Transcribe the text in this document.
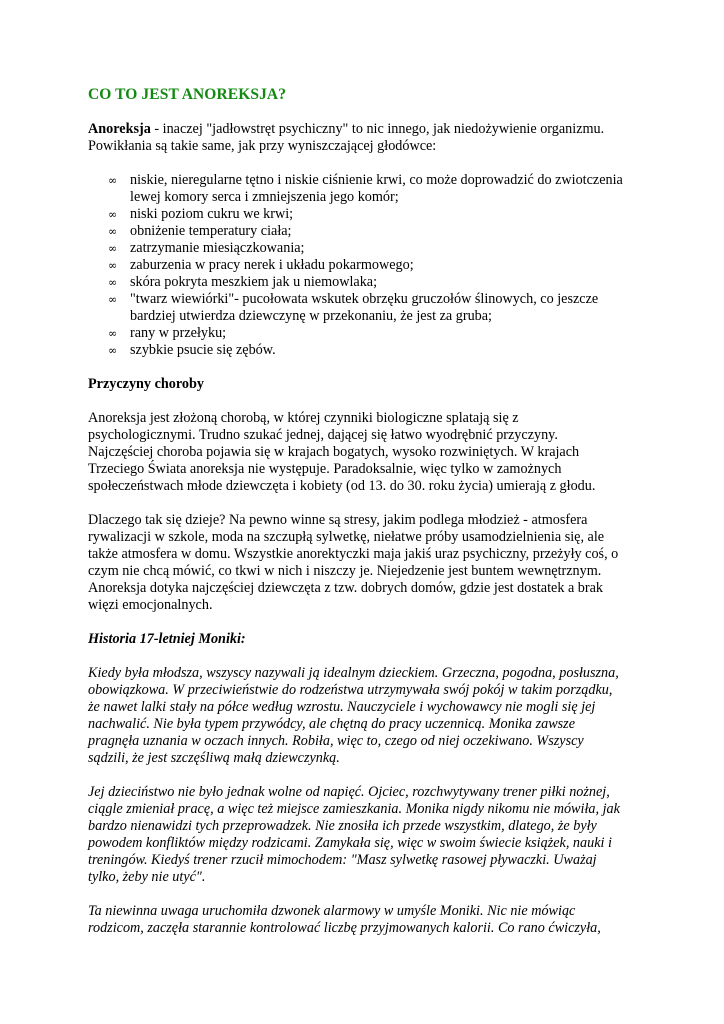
CO TO JEST ANOREKSJA?
Anoreksja - inaczej "jadłowstręt psychiczny" to nic innego, jak niedożywienie organizmu.
Powikłania są takie same, jak przy wyniszczającej głodówce:
∞ niskie, nieregularne tętno i niskie ciśnienie krwi, co może doprowadzić do zwiotczenia
lewej komory serca i zmniejszenia jego komór;
∞ niski poziom cukru we krwi;
∞ obniżenie temperatury ciała;
∞ zatrzymanie miesiączkowania;
∞ zaburzenia w pracy nerek i układu pokarmowego;
∞ skóra pokryta meszkiem jak u niemowlaka;
∞ "twarz wiewiórki"- pucołowata wskutek obrzęku gruczołów ślinowych, co jeszcze
bardziej utwierdza dziewczynę w przekonaniu, że jest za gruba;
∞ rany w przełyku;
∞ szybkie psucie się zębów.
Przyczyny choroby
Anoreksja jest złożoną chorobą, w której czynniki biologiczne splatają się z
psychologicznymi. Trudno szukać jednej, dającej się łatwo wyodrębnić przyczyny.
Najczęściej choroba pojawia się w krajach bogatych, wysoko rozwiniętych. W krajach
Trzeciego Świata anoreksja nie występuje. Paradoksalnie, więc tylko w zamożnych
społeczeństwach młode dziewczęta i kobiety (od 13. do 30. roku życia) umierają z głodu.
Dlaczego tak się dzieje? Na pewno winne są stresy, jakim podlega młodzież - atmosfera
rywalizacji w szkole, moda na szczupłą sylwetkę, niełatwe próby usamodzielnienia się, ale
także atmosfera w domu. Wszystkie anorektyczki maja jakiś uraz psychiczny, przeżyły coś, o
czym nie chcą mówić, co tkwi w nich i niszczy je. Niejedzenie jest buntem wewnętrznym.
Anoreksja dotyka najczęściej dziewczęta z tzw. dobrych domów, gdzie jest dostatek a brak
więzi emocjonalnych.
Historia 17-letniej Moniki:
Kiedy była młodsza, wszyscy nazywali ją idealnym dzieckiem. Grzeczna, pogodna, posłuszna,
obowiązkowa. W przeciwieństwie do rodzeństwa utrzymywała swój pokój w takim porządku,
że nawet lalki stały na półce według wzrostu. Nauczyciele i wychowawcy nie mogli się jej
nachwalić. Nie była typem przywódcy, ale chętną do pracy uczennicą. Monika zawsze
pragnęła uznania w oczach innych. Robiła, więc to, czego od niej oczekiwano. Wszyscy
sądzili, że jest szczęśliwą małą dziewczynką.
Jej dzieciństwo nie było jednak wolne od napięć. Ojciec, rozchwytywany trener piłki nożnej,
ciągle zmieniał pracę, a więc też miejsce zamieszkania. Monika nigdy nikomu nie mówiła, jak
bardzo nienawidzi tych przeprowadzek. Nie znosiła ich przede wszystkim, dlatego, że były
powodem konfliktów między rodzicami. Zamykała się, więc w swoim świecie książek, nauki i
treningów. Kiedyś trener rzucił mimochodem: "Masz sylwetkę rasowej pływaczki. Uważaj
tylko, żeby nie utyć".
Ta niewinna uwaga uruchomiła dzwonek alarmowy w umyśle Moniki. Nic nie mówiąc
rodzicom, zaczęła starannie kontrolować liczbę przyjmowanych kalorii. Co rano ćwiczyła,
